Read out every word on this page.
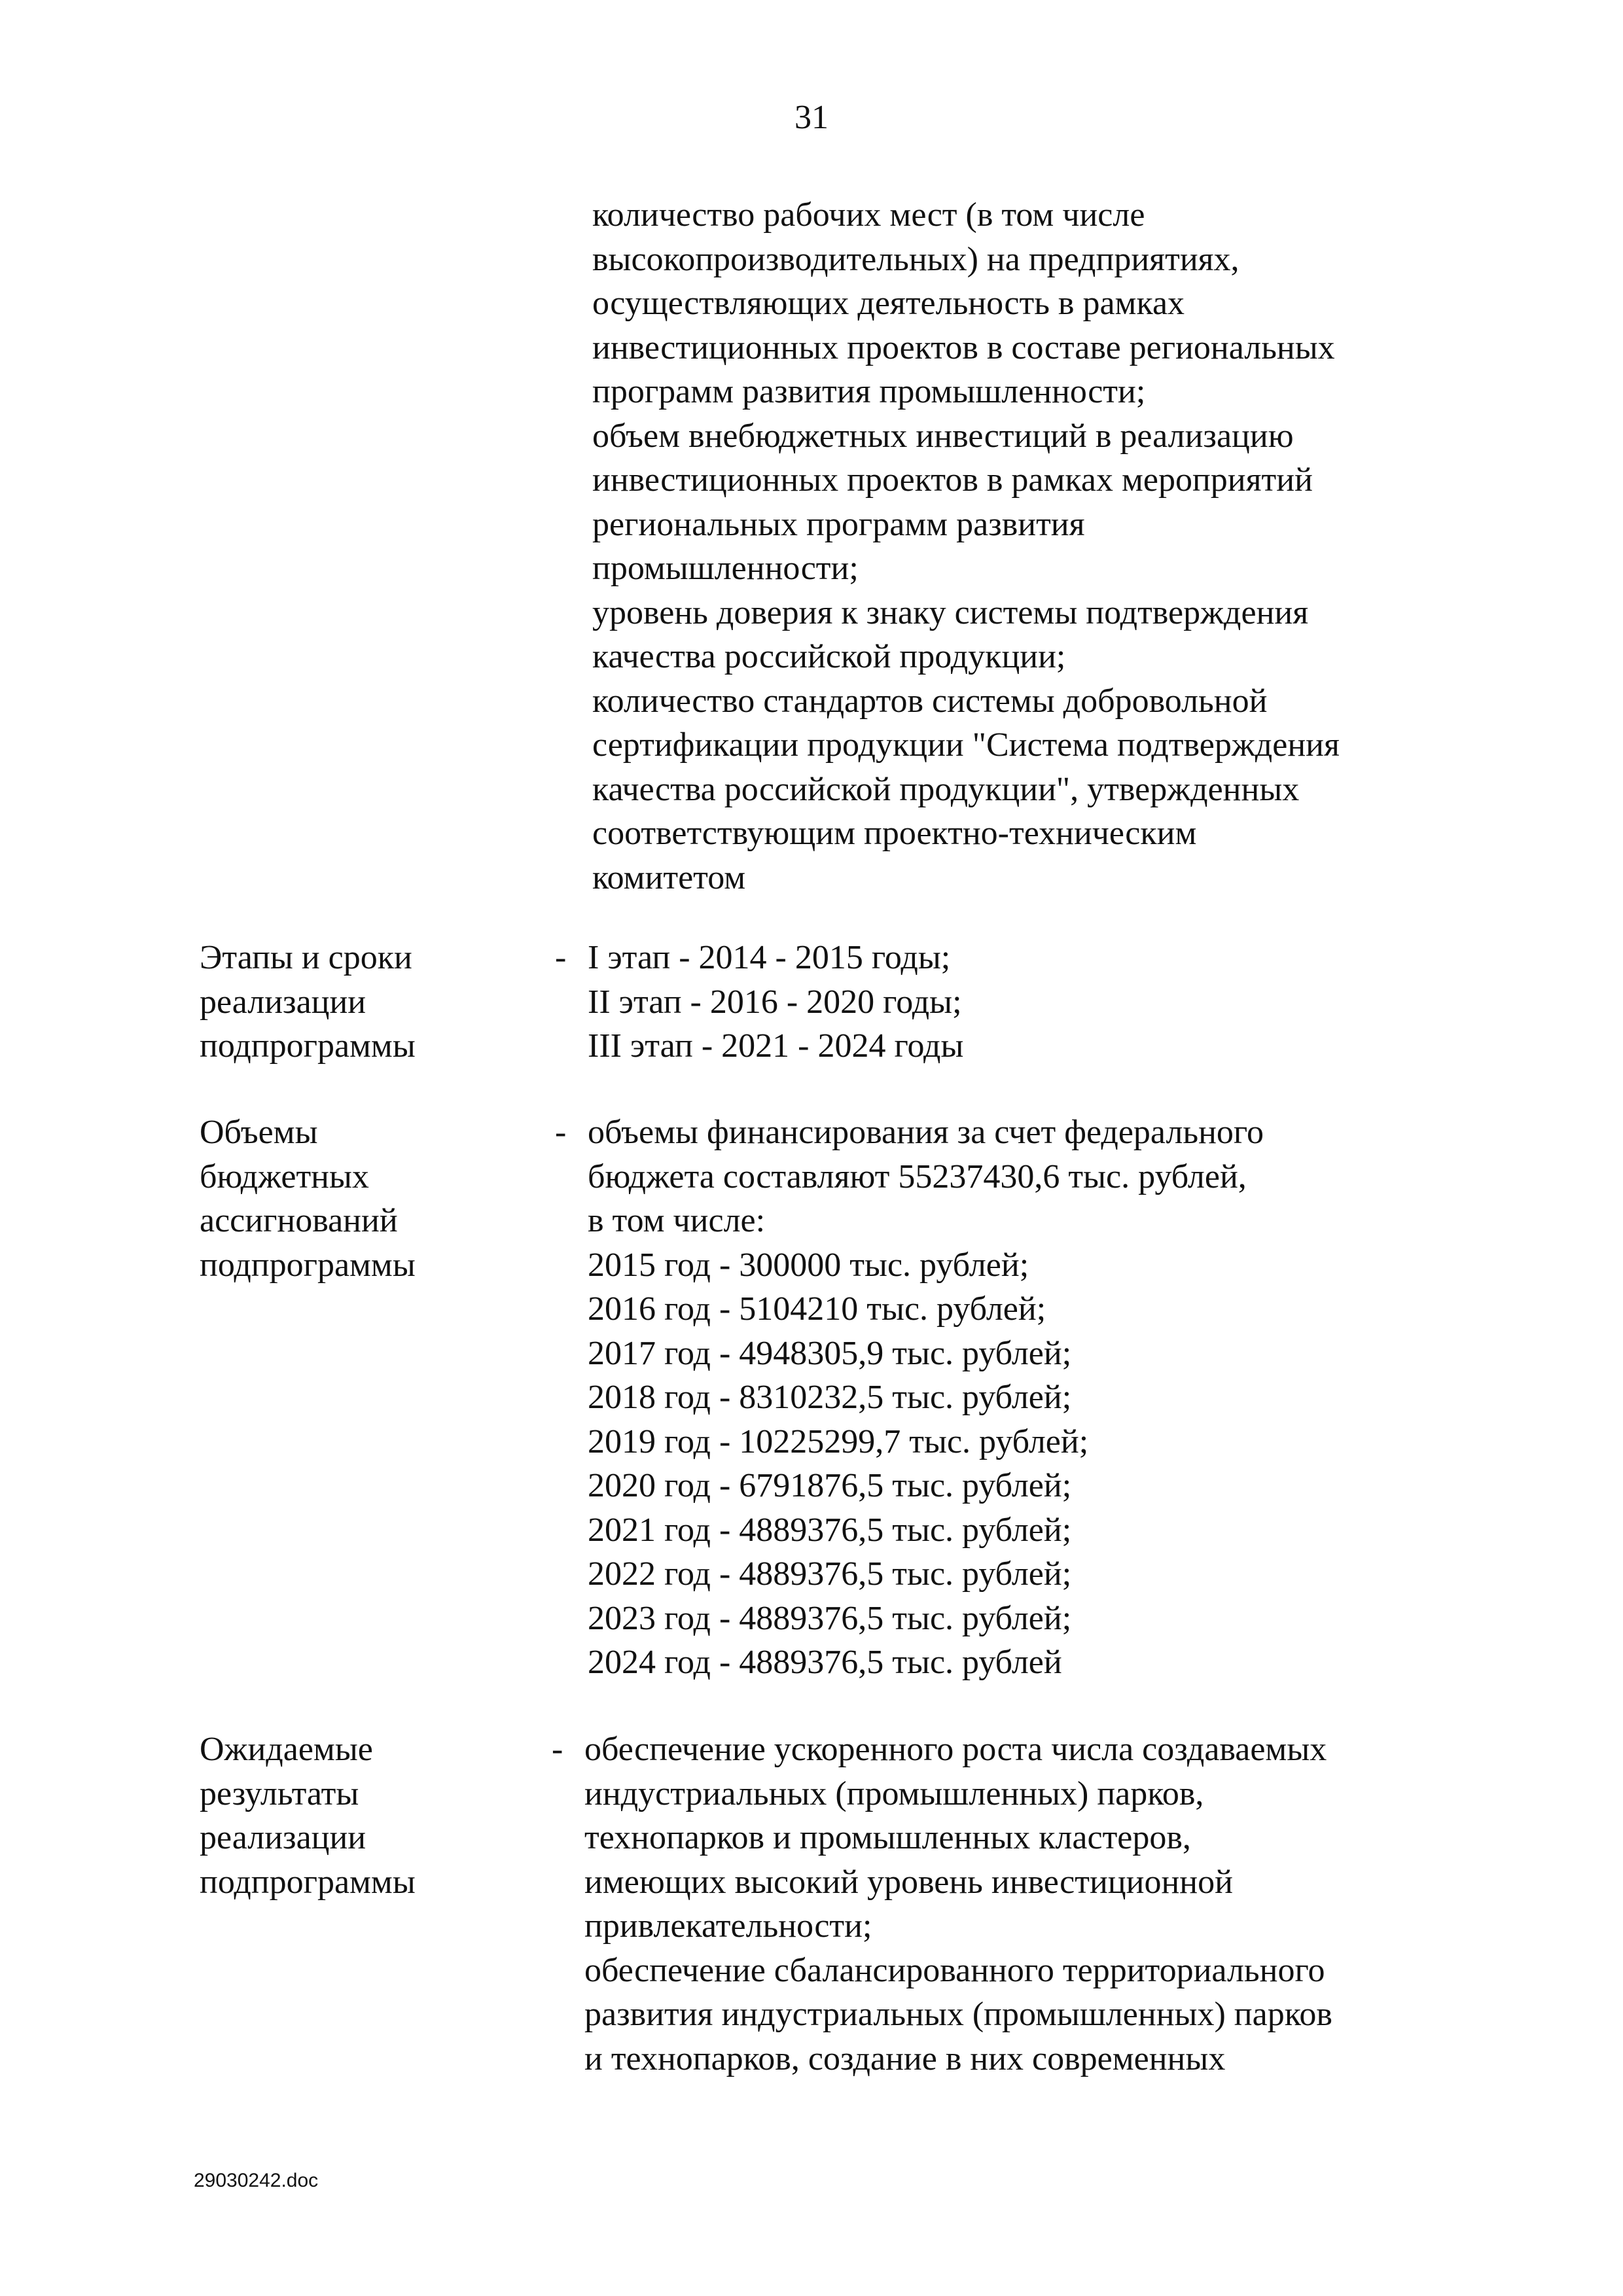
31
количество рабочих мест (в том числе
высокопроизводительных) на предприятиях,
осуществляющих деятельность в рамках
инвестиционных проектов в составе региональных
программ развития промышленности;
объем внебюджетных инвестиций в реализацию
инвестиционных проектов в рамках мероприятий
региональных программ развития
промышленности;
уровень доверия к знаку системы подтверждения
качества российской продукции;
количество стандартов системы добровольной
сертификации продукции "Система подтверждения
качества российской продукции", утвержденных
соответствующим проектно-техническим
комитетом
Этапы и сроки
реализации
подпрограммы
- I этап - 2014 - 2015 годы;
II этап - 2016 - 2020 годы;
III этап - 2021 - 2024 годы
Объемы
бюджетных
ассигнований
подпрограммы
- объемы финансирования за счет федерального
бюджета составляют 55237430,6 тыс. рублей,
в том числе:
2015 год - 300000 тыс. рублей;
2016 год - 5104210 тыс. рублей;
2017 год - 4948305,9 тыс. рублей;
2018 год - 8310232,5 тыс. рублей;
2019 год - 10225299,7 тыс. рублей;
2020 год - 6791876,5 тыс. рублей;
2021 год - 4889376,5 тыс. рублей;
2022 год - 4889376,5 тыс. рублей;
2023 год - 4889376,5 тыс. рублей;
2024 год - 4889376,5 тыс. рублей
Ожидаемые
результаты
реализации
подпрограммы
- обеспечение ускоренного роста числа создаваемых
индустриальных (промышленных) парков,
технопарков и промышленных кластеров,
имеющих высокий уровень инвестиционной
привлекательности;
обеспечение сбалансированного территориального
развития индустриальных (промышленных) парков
и технопарков, создание в них современных
29030242.doc
